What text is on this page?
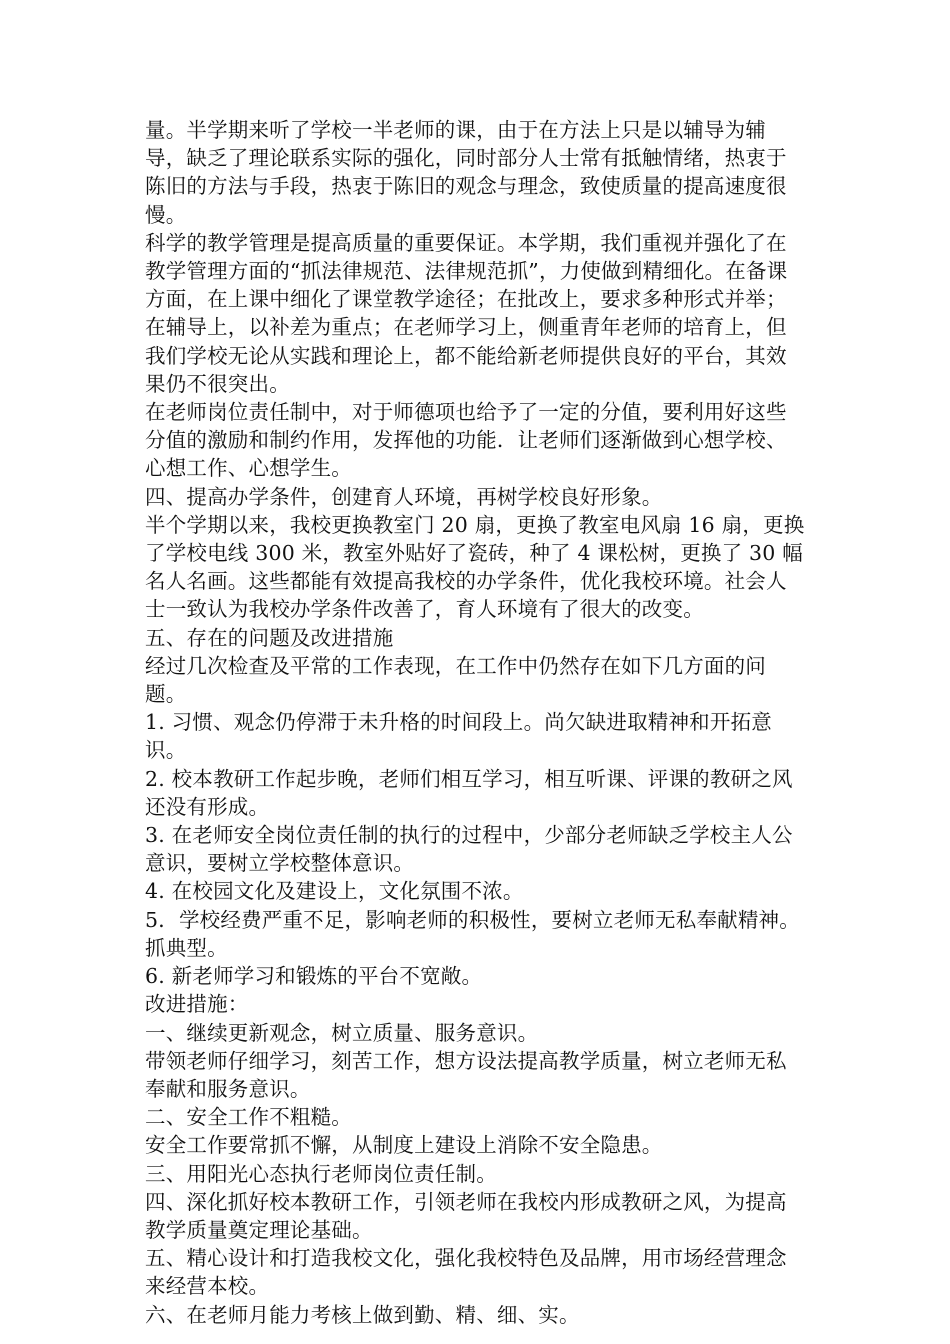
量。半学期来听了学校一半老师的课，由于在方法上只是以辅导为辅导，缺乏了理论联系实际的强化，同时部分人士常有抵触情绪，热衷于陈旧的方法与手段，热衷于陈旧的观念与理念，致使质量的提高速度很慢。

科学的教学管理是提高质量的重要保证。本学期，我们重视并强化了在教学管理方面的“抓法律规范、法律规范抓”，力使做到精细化。在备课方面，在上课中细化了课堂教学途径；在批改上，要求多种形式并举；在辅导上，以补差为重点；在老师学习上，侧重青年老师的培育上，但我们学校无论从实践和理论上，都不能给新老师提供良好的平台，其效果仍不很突出。

在老师岗位责任制中，对于师德项也给予了一定的分值，要利用好这些分值的激励和制约作用，发挥他的功能．让老师们逐渐做到心想学校、心想工作、心想学生。

四、提高办学条件，创建育人环境，再树学校良好形象。

半个学期以来，我校更换教室门 20 扇，更换了教室电风扇 16 扇，更换了学校电线 300 米，教室外贴好了瓷砖，种了 4 课松树，更换了 30 幅名人名画。这些都能有效提高我校的办学条件，优化我校环境。社会人士一致认为我校办学条件改善了，育人环境有了很大的改变。

五、存在的问题及改进措施

经过几次检查及平常的工作表现，在工作中仍然存在如下几方面的问题。

1. 习惯、观念仍停滞于未升格的时间段上。尚欠缺进取精神和开拓意识。

2. 校本教研工作起步晚，老师们相互学习，相互听课、评课的教研之风还没有形成。

3. 在老师安全岗位责任制的执行的过程中，少部分老师缺乏学校主人公意识，要树立学校整体意识。

4. 在校园文化及建设上，文化氛围不浓。

5．学校经费严重不足，影响老师的积极性，要树立老师无私奉献精神。抓典型。

6. 新老师学习和锻炼的平台不宽敞。

改进措施：

一、继续更新观念，树立质量、服务意识。

带领老师仔细学习，刻苦工作，想方设法提高教学质量，树立老师无私奉献和服务意识。

二、安全工作不粗糙。

安全工作要常抓不懈，从制度上建设上消除不安全隐患。

三、用阳光心态执行老师岗位责任制。

四、深化抓好校本教研工作，引领老师在我校内形成教研之风，为提高教学质量奠定理论基础。

五、精心设计和打造我校文化，强化我校特色及品牌，用市场经营理念来经营本校。

六、在老师月能力考核上做到勤、精、细、实。
